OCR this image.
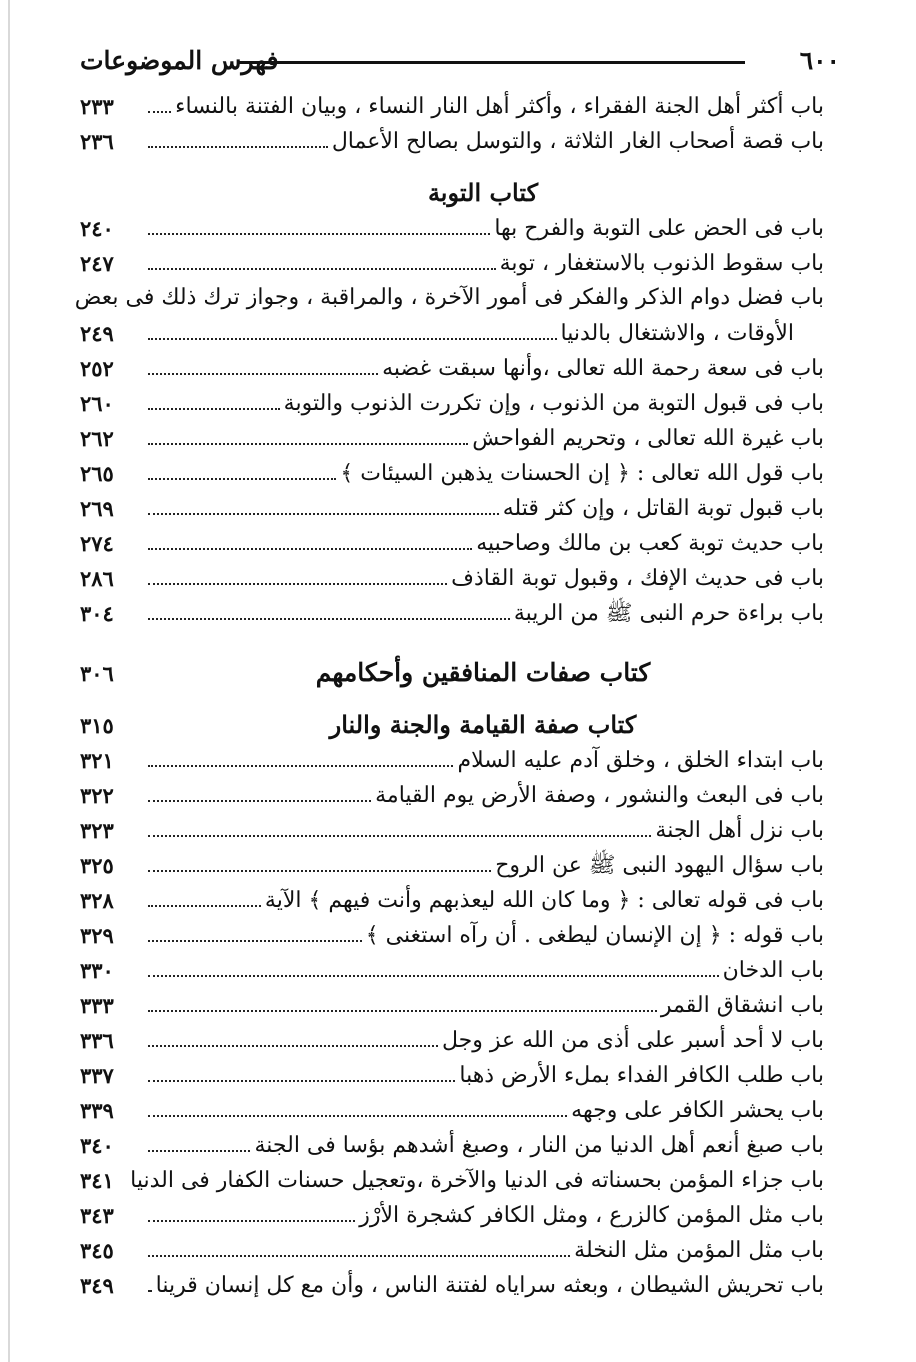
فهرس الموضوعات	٦٠٠
باب أكثر أهل الجنة الفقراء ، وأكثر أهل النار النساء ، وبيان الفتنة بالنساء
٢٣٣
باب قصة أصحاب الغار الثلاثة ، والتوسل بصالح الأعمال
٢٣٦
كتاب التوبة
باب فى الحض على التوبة والفرح بها
٢٤٠
باب سقوط الذنوب بالاستغفار ، توبة
٢٤٧
باب فضل دوام الذكر والفكر فى أمور الآخرة ، والمراقبة ، وجواز ترك ذلك فى بعض
الأوقات ، والاشتغال بالدنيا
٢٤٩
باب فى سعة رحمة الله تعالى ،وأنها سبقت غضبه
٢٥٢
باب فى قبول التوبة من الذنوب ، وإن تكررت الذنوب والتوبة
٢٦٠
باب غيرة الله تعالى ، وتحريم الفواحش
٢٦٢
باب قول الله تعالى : ﴿ إن الحسنات يذهبن السيئات ﴾
٢٦٥
باب قبول توبة القاتل ، وإن كثر قتله
٢٦٩
باب حديث توبة كعب بن مالك وصاحبيه
٢٧٤
باب فى حديث الإفك ، وقبول توبة القاذف
٢٨٦
باب براءة حرم النبى ﷺ من الريبة
٣٠٤
كتاب صفات المنافقين وأحكامهم
٣٠٦
كتاب صفة القيامة والجنة والنار
٣١٥
باب ابتداء الخلق ، وخلق آدم عليه السلام
٣٢١
باب فى البعث والنشور ، وصفة الأرض يوم القيامة
٣٢٢
باب نزل أهل الجنة
٣٢٣
باب سؤال اليهود النبى ﷺ عن الروح
٣٢٥
باب فى قوله تعالى : ﴿ وما كان الله ليعذبهم وأنت فيهم ﴾ الآية
٣٢٨
باب قوله : ﴿ إن الإنسان ليطغى . أن رآه استغنى ﴾
٣٢٩
باب الدخان
٣٣٠
باب انشقاق القمر
٣٣٣
باب لا أحد أسبر على أذى من الله عز وجل
٣٣٦
باب طلب الكافر الفداء بملء الأرض ذهبا
٣٣٧
باب يحشر الكافر على وجهه
٣٣٩
باب صبغ أنعم أهل الدنيا من النار ، وصبغ أشدهم بؤسا فى الجنة
٣٤٠
باب جزاء المؤمن بحسناته فى الدنيا والآخرة ،وتعجيل حسنات الكفار فى الدنيا
٣٤١
باب مثل المؤمن كالزرع ، ومثل الكافر كشجرة الأرْز
٣٤٣
باب مثل المؤمن مثل النخلة
٣٤٥
باب تحريش الشيطان ، وبعثه سراياه لفتنة الناس ، وأن مع كل إنسان قرينا
٣٤٩
